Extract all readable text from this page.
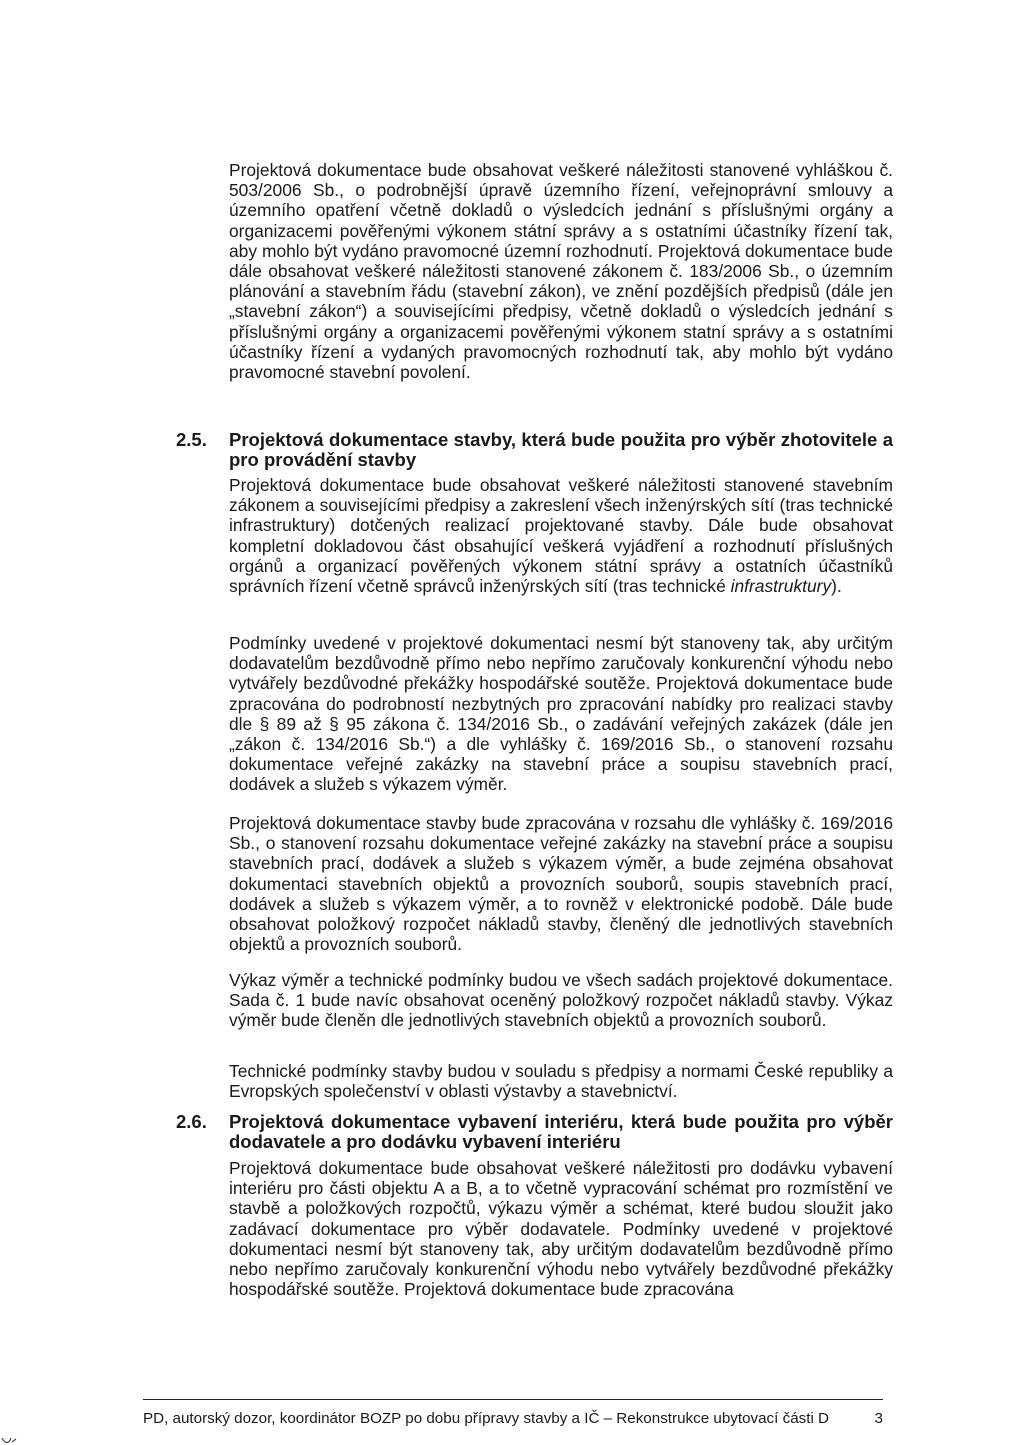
Projektová dokumentace bude obsahovat veškeré náležitosti stanovené vyhláškou č. 503/2006 Sb., o podrobnější úpravě územního řízení, veřejnoprávní smlouvy a územního opatření včetně dokladů o výsledcích jednání s příslušnými orgány a organizacemi pověřenými výkonem státní správy a s ostatními účastníky řízení tak, aby mohlo být vydáno pravomocné územní rozhodnutí. Projektová dokumentace bude dále obsahovat veškeré náležitosti stanovené zákonem č. 183/2006 Sb., o územním plánování a stavebním řádu (stavební zákon), ve znění pozdějších předpisů (dále jen „stavební zákon“) a souvisejícími předpisy, včetně dokladů o výsledcích jednání s příslušnými orgány a organizacemi pověřenými výkonem statní správy a s ostatními účastníky řízení a vydaných pravomocných rozhodnutí tak, aby mohlo být vydáno pravomocné stavební povolení.

2.5. Projektová dokumentace stavby, která bude použita pro výběr zhotovitele a pro provádění stavby

Projektová dokumentace bude obsahovat veškeré náležitosti stanovené stavebním zákonem a souvisejícími předpisy a zakreslení všech inženýrských sítí (tras technické infrastruktury) dotčených realizací projektované stavby. Dále bude obsahovat kompletní dokladovou část obsahující veškerá vyjádření a rozhodnutí příslušných orgánů a organizací pověřených výkonem státní správy a ostatních účastníků správních řízení včetně správců inženýrských sítí (tras technické infrastruktury).

Podmínky uvedené v projektové dokumentaci nesmí být stanoveny tak, aby určitým dodavatelům bezdůvodně přímo nebo nepřímo zaručovaly konkurenční výhodu nebo vytvářely bezdůvodné překážky hospodářské soutěže. Projektová dokumentace bude zpracována do podrobností nezbytných pro zpracování nabídky pro realizaci stavby dle § 89 až § 95 zákona č. 134/2016 Sb., o zadávání veřejných zakázek (dále jen „zákon č. 134/2016 Sb.“) a dle vyhlášky č. 169/2016 Sb., o stanovení rozsahu dokumentace veřejné zakázky na stavební práce a soupisu stavebních prací, dodávek a služeb s výkazem výměr.

Projektová dokumentace stavby bude zpracována v rozsahu dle vyhlášky č. 169/2016 Sb., o stanovení rozsahu dokumentace veřejné zakázky na stavební práce a soupisu stavebních prací, dodávek a služeb s výkazem výměr, a bude zejména obsahovat dokumentaci stavebních objektů a provozních souborů, soupis stavebních prací, dodávek a služeb s výkazem výměr, a to rovněž v elektronické podobě. Dále bude obsahovat položkový rozpočet nákladů stavby, členěný dle jednotlivých stavebních objektů a provozních souborů.

Výkaz výměr a technické podmínky budou ve všech sadách projektové dokumentace. Sada č. 1 bude navíc obsahovat oceněný položkový rozpočet nákladů stavby. Výkaz výměr bude členěn dle jednotlivých stavebních objektů a provozních souborů.

Technické podmínky stavby budou v souladu s předpisy a normami České republiky a Evropských společenství v oblasti výstavby a stavebnictví.

2.6. Projektová dokumentace vybavení interiéru, která bude použita pro výběr dodavatele a pro dodávku vybavení interiéru

Projektová dokumentace bude obsahovat veškeré náležitosti pro dodávku vybavení interiéru pro části objektu A a B, a to včetně vypracování schémat pro rozmístění ve stavbě a položkových rozpočtů, výkazu výměr a schémat, které budou sloužit jako zadávací dokumentace pro výběr dodavatele. Podmínky uvedené v projektové dokumentaci nesmí být stanoveny tak, aby určitým dodavatelům bezdůvodně přímo nebo nepřímo zaručovaly konkurenční výhodu nebo vytvářely bezdůvodné překážky hospodářské soutěže. Projektová dokumentace bude zpracována

PD, autorský dozor, koordinátor BOZP po dobu přípravy stavby a IČ – Rekonstrukce ubytovací části D	3
